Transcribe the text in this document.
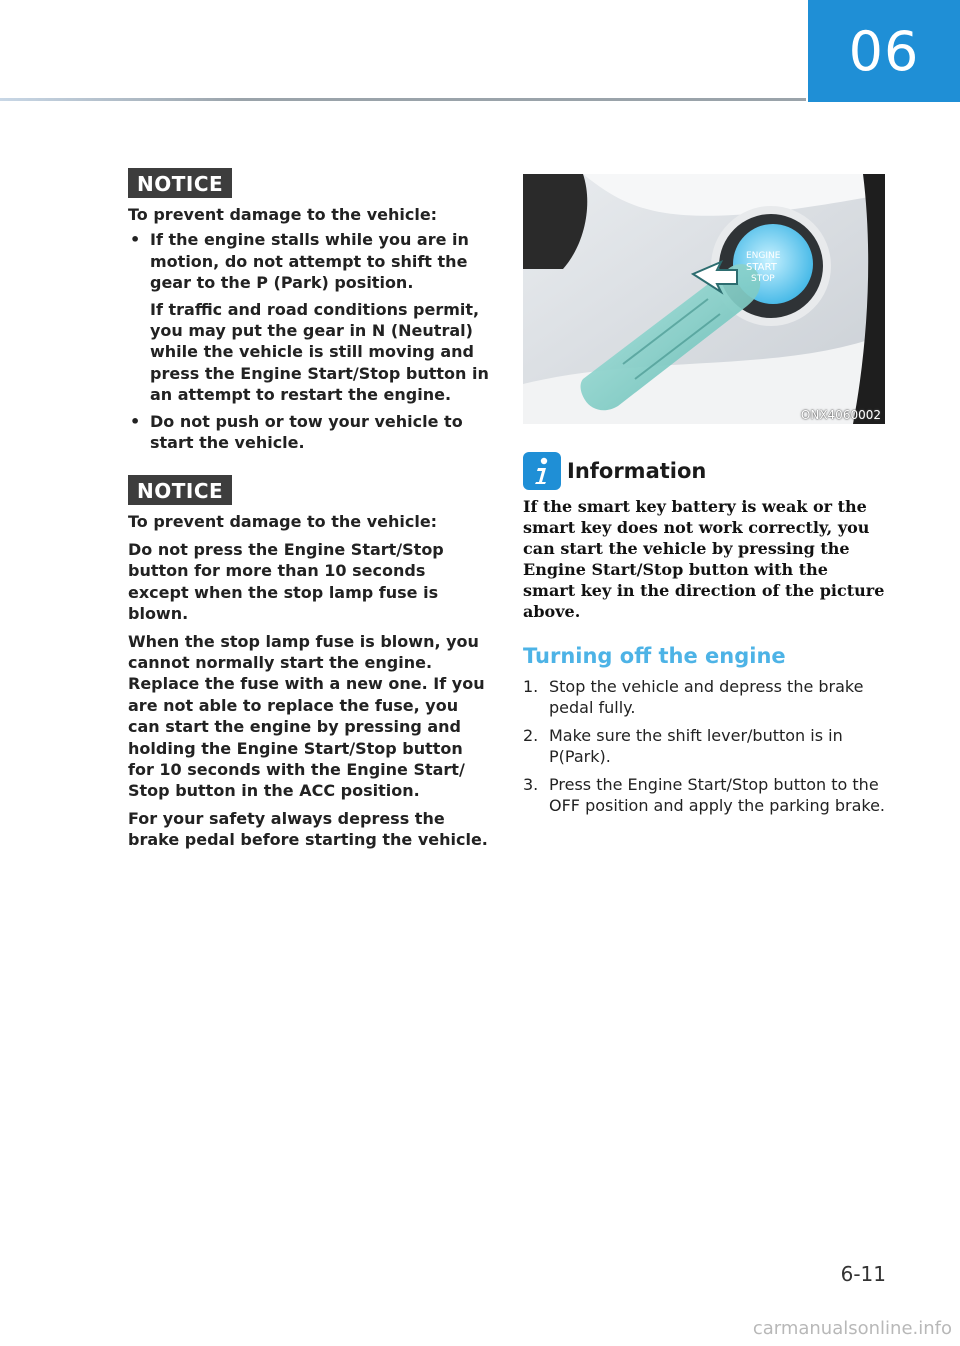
06
NOTICE

To prevent damage to the vehicle:

• If the engine stalls while you are in motion, do not attempt to shift the gear to the P (Park) position.

If traffic and road conditions permit, you may put the gear in N (Neutral) while the vehicle is still moving and press the Engine Start/Stop button in an attempt to restart the engine.

• Do not push or tow your vehicle to start the vehicle.
NOTICE

To prevent damage to the vehicle:

Do not press the Engine Start/Stop button for more than 10 seconds except when the stop lamp fuse is blown.

When the stop lamp fuse is blown, you cannot normally start the engine. Replace the fuse with a new one. If you are not able to replace the fuse, you can start the engine by pressing and holding the Engine Start/Stop button for 10 seconds with the Engine Start/ Stop button in the ACC position.

For your safety always depress the brake pedal before starting the vehicle.

ENGINE
START
STOP
ONX4060002
Information

If the smart key battery is weak or the smart key does not work correctly, you can start the vehicle by pressing the Engine Start/Stop button with the smart key in the direction of the picture above.

Turning off the engine
1. Stop the vehicle and depress the brake pedal fully.
2. Make sure the shift lever/button is in P(Park).
3. Press the Engine Start/Stop button to the OFF position and apply the parking brake.
6-11
carmanualsonline.info
